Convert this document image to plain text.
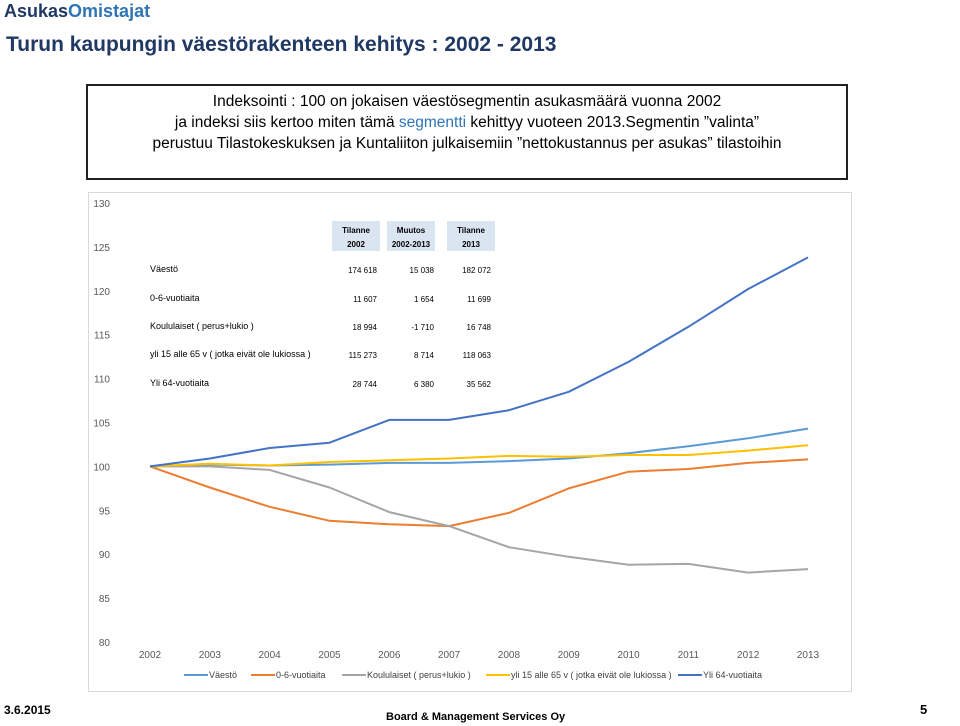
AsukasOmistajat
Turun kaupungin väestörakenteen kehitys : 2002 - 2013
Indeksointi : 100 on jokaisen väestösegmentin asukasmäärä vuonna 2002
ja indeksi siis kertoo miten tämä segmentti kehittyy vuoteen 2013.Segmentin ”valinta”
perustuu Tilastokeskuksen ja Kuntaliiton julkaisemiin ”nettokustannus per asukas” tilastoihin
80
85
90
95
100
105
110
115
120
125
130
2002	2003	2004	2005	2006	2007	2008	2009	2010	2011	2012	2013
Väestö	0-6-vuotiaita	Koululaiset ( perus+lukio )	yli 15 alle 65 v ( jotka eivät ole lukiossa )	Yli 64-vuotiaita
Tilanne
2002
Muutos
2002-2013
Tilanne
2013
Väestö	174 618	15 038	182 072
0-6-vuotiaita	11 607	1 654	11 699
Koululaiset ( perus+lukio )	18 994	-1 710	16 748
yli 15 alle 65 v ( jotka eivät ole lukiossa )	115 273	8 714	118 063
Yli 64-vuotiaita	28 744	6 380	35 562
3.6.2015	Board & Management Services Oy	5
